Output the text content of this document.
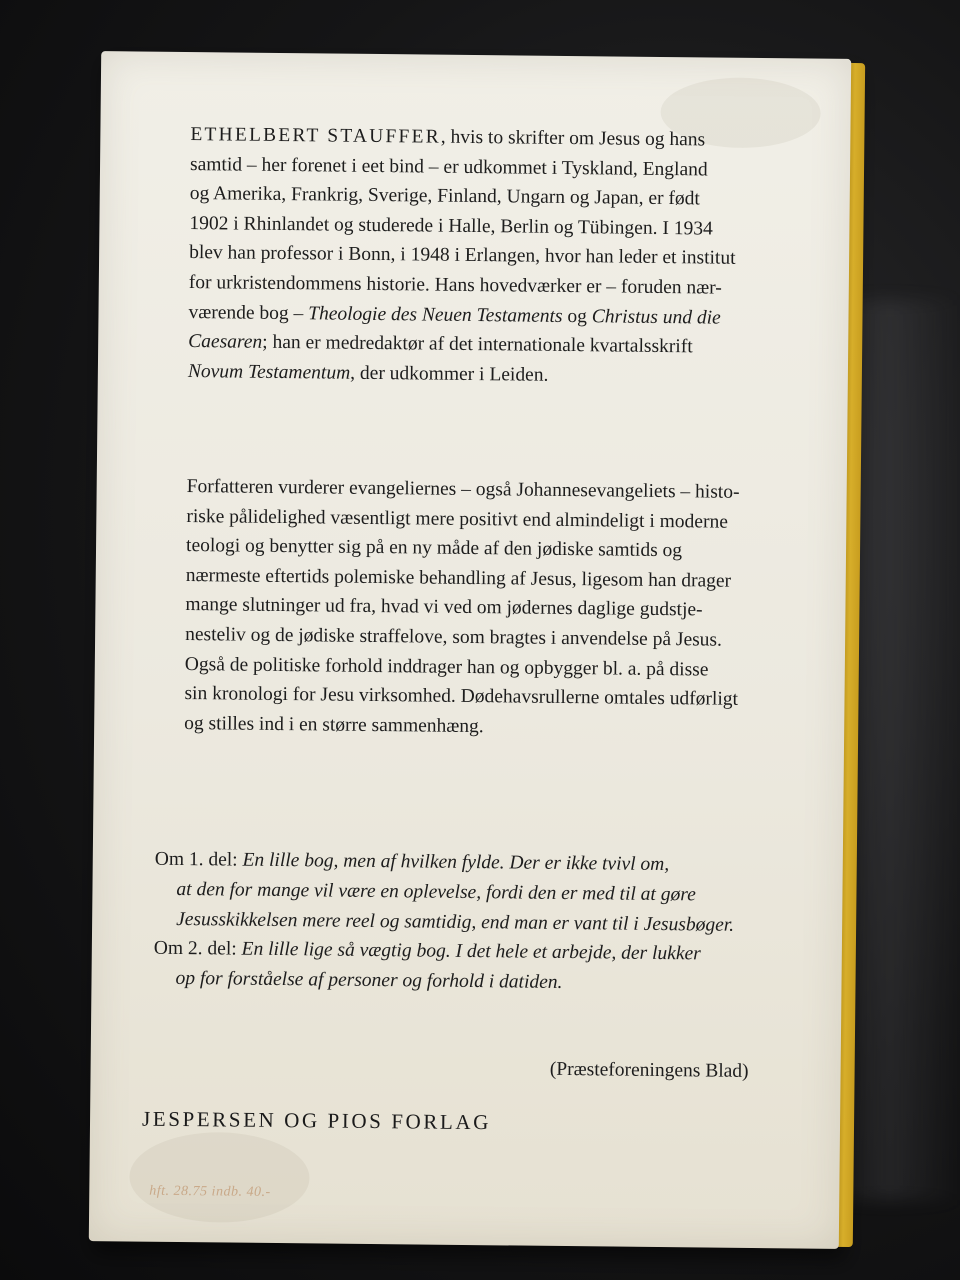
ETHELBERT STAUFFER, hvis to skrifter om Jesus og hans

samtid – her forenet i eet bind – er udkommet i Tyskland, England

og Amerika, Frankrig, Sverige, Finland, Ungarn og Japan, er født

1902 i Rhinlandet og studerede i Halle, Berlin og Tübingen. I 1934

blev han professor i Bonn, i 1948 i Erlangen, hvor han leder et institut

for urkristendommens historie. Hans hovedværker er – foruden nær-

værende bog – Theologie des Neuen Testaments og Christus und die

Caesaren; han er medredaktør af det internationale kvartalsskrift

Novum Testamentum, der udkommer i Leiden.

Forfatteren vurderer evangeliernes – også Johannesevangeliets – histo-

riske pålidelighed væsentligt mere positivt end almindeligt i moderne

teologi og benytter sig på en ny måde af den jødiske samtids og

nærmeste eftertids polemiske behandling af Jesus, ligesom han drager

mange slutninger ud fra, hvad vi ved om jødernes daglige gudstje-

nesteliv og de jødiske straffelove, som bragtes i anvendelse på Jesus.

Også de politiske forhold inddrager han og opbygger bl. a. på disse

sin kronologi for Jesu virksomhed. Dødehavsrullerne omtales udførligt

og stilles ind i en større sammenhæng.

Om 1. del: En lille bog, men af hvilken fylde. Der er ikke tvivl om,

at den for mange vil være en oplevelse, fordi den er med til at gøre

Jesusskikkelsen mere reel og samtidig, end man er vant til i Jesusbøger.

Om 2. del: En lille lige så vægtig bog. I det hele et arbejde, der lukker

op for forståelse af personer og forhold i datiden.

(Præsteforeningens Blad)
JESPERSEN OG PIOS FORLAG
hft. 28.75 indb. 40.-
